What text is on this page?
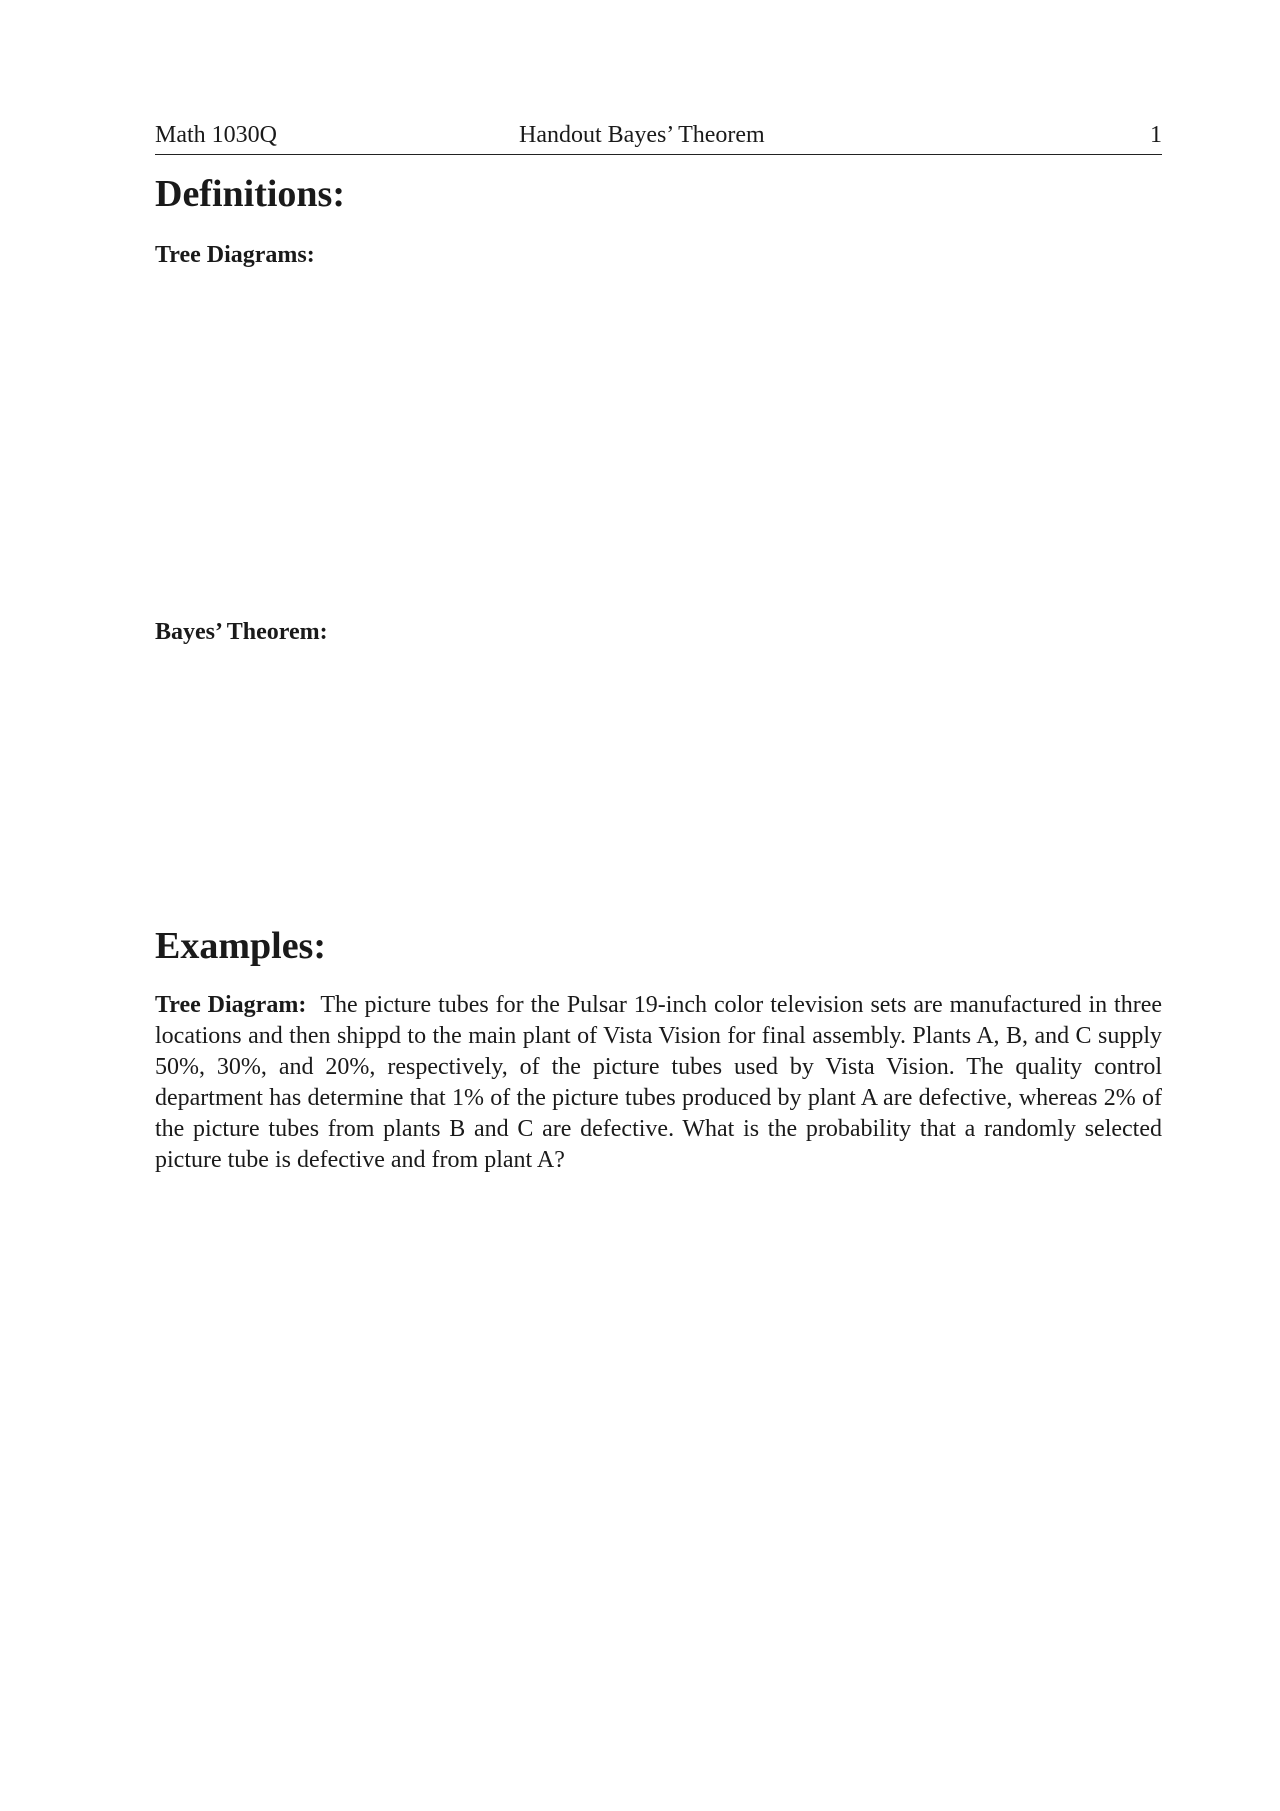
Math 1030Q	Handout Bayes’ Theorem	1
Definitions:
Tree Diagrams:
Bayes’ Theorem:
Examples:

Tree Diagram: The picture tubes for the Pulsar 19-inch color television sets are manufactured in three locations and then shippd to the main plant of Vista Vision for final assembly. Plants A, B, and C supply 50%, 30%, and 20%, respectively, of the picture tubes used by Vista Vision. The quality control department has determine that 1% of the picture tubes produced by plant A are defective, whereas 2% of the picture tubes from plants B and C are defective. What is the probability that a randomly selected picture tube is defective and from plant A?
